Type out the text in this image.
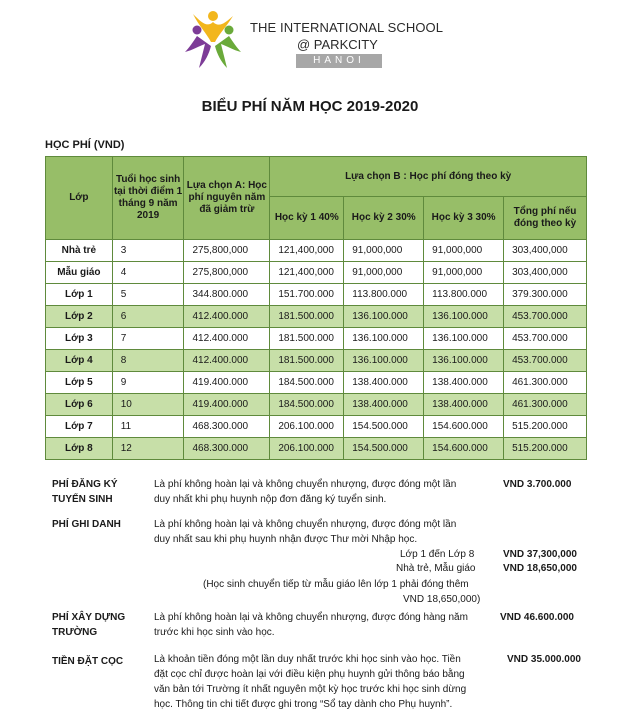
THE INTERNATIONAL SCHOOL
@ PARKCITY
HANOI
BIỂU PHÍ NĂM HỌC 2019-2020
HỌC PHÍ (VND)
Lớp	Tuổi học sinh tại thời điểm 1 tháng 9 năm 2019	Lựa chọn A: Học phí nguyên năm đã giảm trừ	Lựa chọn B : Học phí đóng theo kỳ			
			Học kỳ 1 40%	Học kỳ 2 30%	Học kỳ 3 30%	Tổng phí nếu đóng theo kỳ
Nhà trẻ	3	275,800,000	121,400,000	91,000,000	91,000,000	303,400,000
Mẫu giáo	4	275,800,000	121,400,000	91,000,000	91,000,000	303,400,000
Lớp 1	5	344.800.000	151.700.000	113.800.000	113.800.000	379.300.000
Lớp 2	6	412.400.000	181.500.000	136.100.000	136.100.000	453.700.000
Lớp 3	7	412.400.000	181.500.000	136.100.000	136.100.000	453.700.000
Lớp 4	8	412.400.000	181.500.000	136.100.000	136.100.000	453.700.000
Lớp 5	9	419.400.000	184.500.000	138.400.000	138.400.000	461.300.000
Lớp 6	10	419.400.000	184.500.000	138.400.000	138.400.000	461.300.000
Lớp 7	11	468.300.000	206.100.000	154.500.000	154.600.000	515.200.000
Lớp 8	12	468.300.000	206.100.000	154.500.000	154.600.000	515.200.000
PHÍ ĐĂNG KÝ
TUYỂN SINH
Là phí không hoàn lại và không chuyển nhượng, được đóng một lần
duy nhất khi phụ huynh nộp đơn đăng ký tuyển sinh.
VND 3.700.000
PHÍ GHI DANH	Là phí không hoàn lại và không chuyển nhượng, được đóng một lần
duy nhất sau khi phụ huynh nhận được Thư mời Nhập học.
Lớp 1 đến Lớp 8	VND 37,300,000
Nhà trẻ, Mẫu giáo	VND 18,650,000
(Học sinh chuyển tiếp từ mẫu giáo lên lớp 1 phải đóng thêm
VND 18,650,000)
PHÍ XÂY DỰNG
TRƯỜNG
Là phí không hoàn lại và không chuyển nhượng, được đóng hàng năm
trước khi học sinh vào học.
VND 46.600.000
TIỀN ĐẶT CỌC	Là khoản tiền đóng một lần duy nhất trước khi học sinh vào học. Tiền
đặt cọc chỉ được hoàn lại với điều kiện phụ huynh gửi thông báo bằng
văn bản tới Trường ít nhất nguyên một kỳ học trước khi học sinh dừng
học. Thông tin chi tiết được ghi trong “Sổ tay dành cho Phụ huynh”.
VND 35.000.000
